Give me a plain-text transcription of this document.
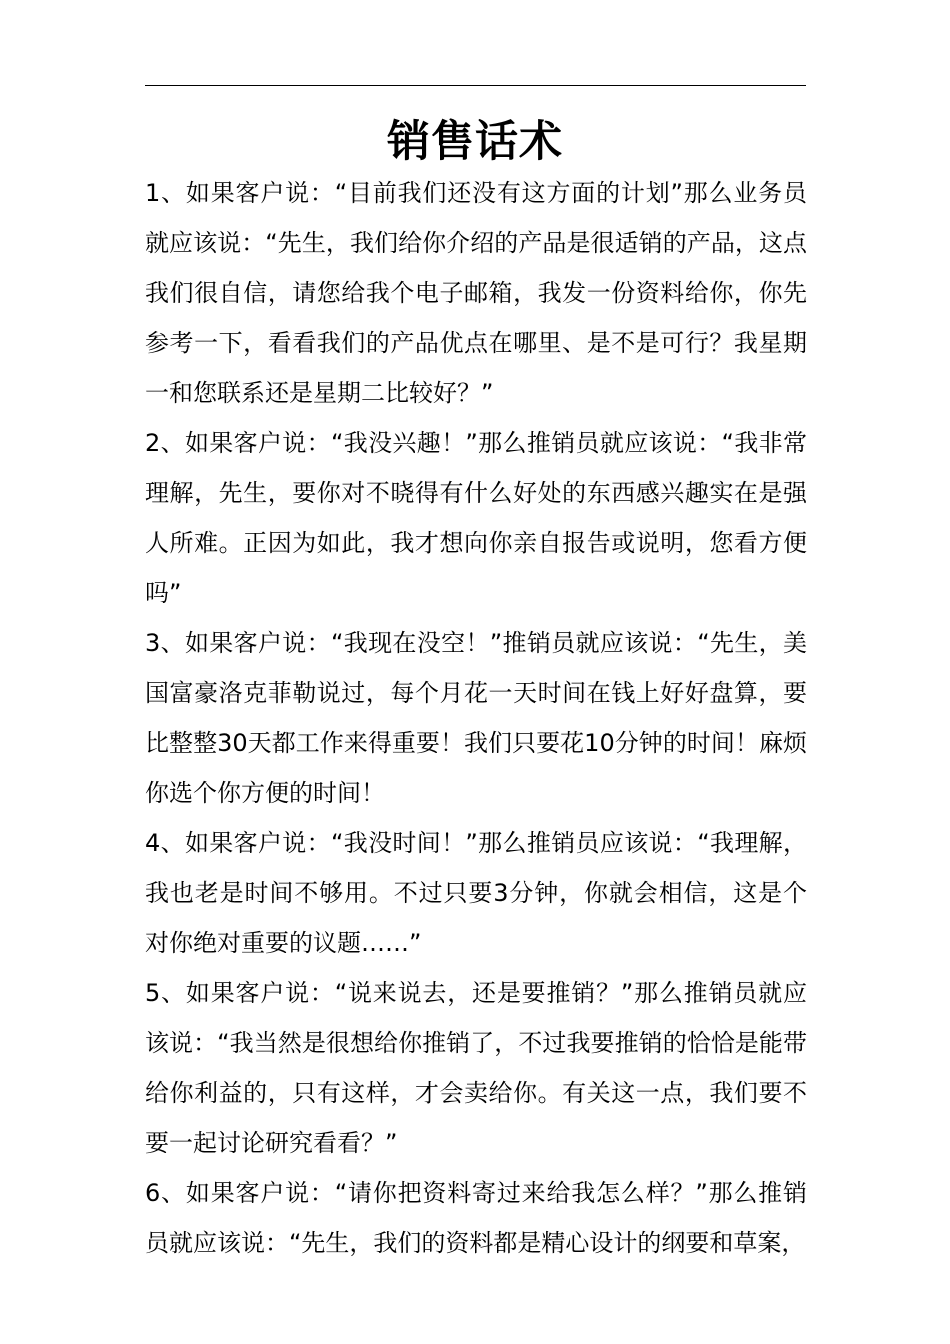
销售话术

1、如果客户说：“目前我们还没有这方面的计划”那么业务员就应该说：“先生，我们给你介绍的产品是很适销的产品，这点我们很自信，请您给我个电子邮箱，我发一份资料给你，你先参考一下，看看我们的产品优点在哪里、是不是可行？我星期一和您联系还是星期二比较好？”

2、如果客户说：“我没兴趣！”那么推销员就应该说：“我非常理解，先生，要你对不晓得有什么好处的东西感兴趣实在是强人所难。正因为如此，我才想向你亲自报告或说明，您看方便吗”

3、如果客户说：“我现在没空！”推销员就应该说：“先生，美国富豪洛克菲勒说过，每个月花一天时间在钱上好好盘算，要比整整30天都工作来得重要！我们只要花10分钟的时间！麻烦你选个你方便的时间！

4、如果客户说：“我没时间！”那么推销员应该说：“我理解，我也老是时间不够用。不过只要3分钟，你就会相信，这是个对你绝对重要的议题……”

5、如果客户说：“说来说去，还是要推销？”那么推销员就应该说：“我当然是很想给你推销了，不过我要推销的恰恰是能带给你利益的，只有这样，才会卖给你。有关这一点，我们要不要一起讨论研究看看？”

6、如果客户说：“请你把资料寄过来给我怎么样？”那么推销员就应该说：“先生，我们的资料都是精心设计的纲要和草案，
